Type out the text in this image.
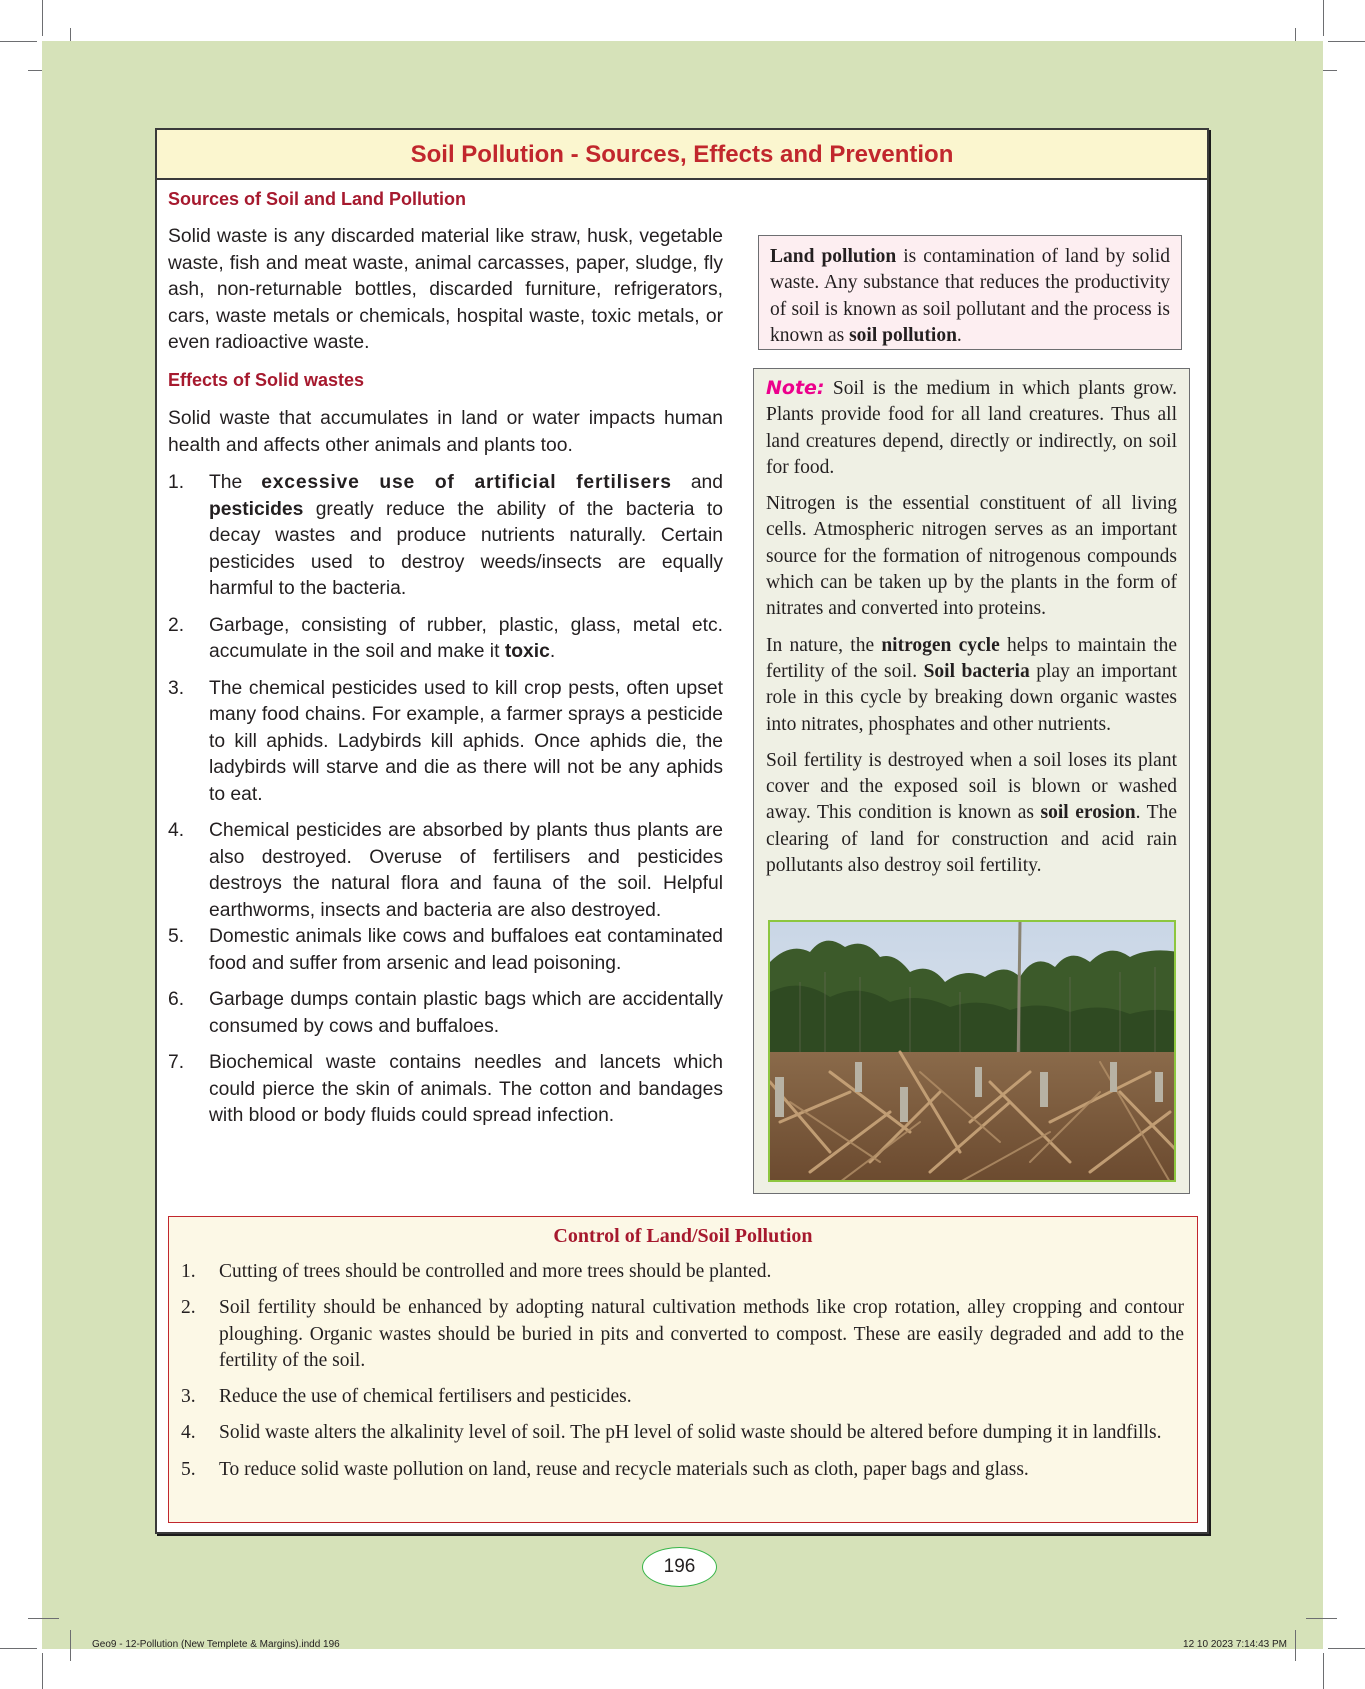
Soil Pollution - Sources, Effects and Prevention
Sources of Soil and Land Pollution
Solid waste is any discarded material like straw, husk, vegetable waste, fish and meat waste, animal carcasses, paper, sludge, fly ash, non-returnable bottles, discarded furniture, refrigerators, cars, waste metals or chemicals, hospital waste, toxic metals, or even radioactive waste.
Effects of Solid wastes
Solid waste that accumulates in land or water impacts human health and affects other animals and plants too.
1. The excessive use of artificial fertilisers and pesticides greatly reduce the ability of the bacteria to decay wastes and produce nutrients naturally. Certain pesticides used to destroy weeds/insects are equally harmful to the bacteria.
2. Garbage, consisting of rubber, plastic, glass, metal etc. accumulate in the soil and make it toxic.
3. The chemical pesticides used to kill crop pests, often upset many food chains. For example, a farmer sprays a pesticide to kill aphids. Ladybirds kill aphids. Once aphids die, the ladybirds will starve and die as there will not be any aphids to eat.
4. Chemical pesticides are absorbed by plants thus plants are also destroyed. Overuse of fertilisers and pesticides destroys the natural flora and fauna of the soil. Helpful earthworms, insects and bacteria are also destroyed.
5. Domestic animals like cows and buffaloes eat contaminated food and suffer from arsenic and lead poisoning.
6. Garbage dumps contain plastic bags which are accidentally consumed by cows and buffaloes.
7. Biochemical waste contains needles and lancets which could pierce the skin of animals. The cotton and bandages with blood or body fluids could spread infection.
Land pollution is contamination of land by solid waste. Any substance that reduces the productivity of soil is known as soil pollutant and the process is known as soil pollution.

Note: Soil is the medium in which plants grow. Plants provide food for all land creatures. Thus all land creatures depend, directly or indirectly, on soil for food.

Nitrogen is the essential constituent of all living cells. Atmospheric nitrogen serves as an important source for the formation of nitrogenous compounds which can be taken up by the plants in the form of nitrates and converted into proteins.

In nature, the nitrogen cycle helps to maintain the fertility of the soil. Soil bacteria play an important role in this cycle by breaking down organic wastes into nitrates, phosphates and other nutrients.

Soil fertility is destroyed when a soil loses its plant cover and the exposed soil is blown or washed away. This condition is known as soil erosion. The clearing of land for construction and acid rain pollutants also destroy soil fertility.

Control of Land/Soil Pollution
1. Cutting of trees should be controlled and more trees should be planted.
2. Soil fertility should be enhanced by adopting natural cultivation methods like crop rotation, alley cropping and contour ploughing. Organic wastes should be buried in pits and converted to compost. These are easily degraded and add to the fertility of the soil.
3. Reduce the use of chemical fertilisers and pesticides.
4. Solid waste alters the alkalinity level of soil. The pH level of solid waste should be altered before dumping it in landfills.
5. To reduce solid waste pollution on land, reuse and recycle materials such as cloth, paper bags and glass.
196
Geo9 - 12-Pollution (New Templete & Margins).indd 196	12 10 2023 7:14:43 PM
